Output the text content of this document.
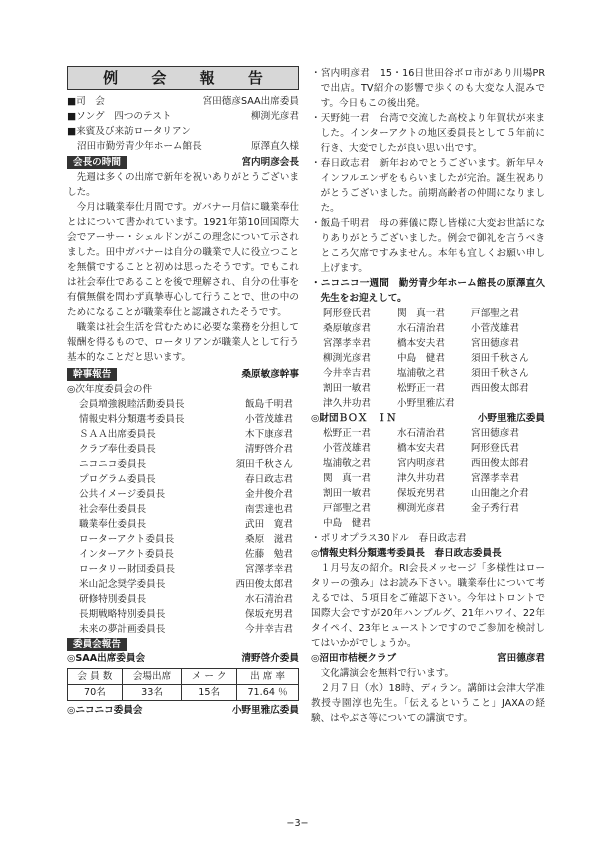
例 会 報 告
■司　会	宮田德彦SAA出席委員
■ソング　四つのテスト	柳渕光彦君
■来賓及び来訪ロータリアン
沼田市勤労青少年ホーム館長	原澤直久様
会長の時間	宮内明彦会長

先週は多くの出席で新年を祝いありがとうございました。

今月は職業奉仕月間です。ガバナー月信に職業奉仕とはについて書かれています。1921年第10回国際大会でアーサー・シェルドンがこの理念について示されました。田中ガバナーは自分の職業で人に役立つことを無償ですることと初めは思ったそうです。でもこれは社会奉仕であることを後で理解され、自分の仕事を有償無償を問わず真摯専心して行うことで、世の中のためになることが職業奉仕と認識されたそうです。

職業は社会生活を営むために必要な業務を分担して報酬を得るもので、ロータリアンが職業人として行う基本的なことだと思います。

幹事報告	桑原敏彦幹事
◎次年度委員会の件
会員増強親睦活動委員長	飯島千明君
情報史料分類選考委員長	小菅茂雄君
ＳＡＡ出席委員長	木下康彦君
クラブ奉仕委員長	清野啓介君
ニコニコ委員長	須田千秋さん
プログラム委員長	春日政志君
公共イメージ委員長	金井俊介君
社会奉仕委員長	南雲達也君
職業奉仕委員長	武田　寛君
ローターアクト委員長	桑原　滋君
インターアクト委員長	佐藤　勉君
ロータリー財団委員長	宮澤孝幸君
米山記念奨学委員長	西田俊太郎君
研修特別委員長	水石清治君
長期戦略特別委員長	保坂充男君
未来の夢計画委員長	今井幸吉君
委員会報告
◎SAA出席委員会	清野啓介委員
会 員 数	会場出席	メ ー ク	出 席 率
70名	33名	15名	71.64 ％
◎ニコニコ委員会	小野里雅広委員

・宮内明彦君　15・16日世田谷ボロ市があり川場PRで出店。TV紹介の影響で歩くのも大変な人混みです。今日もこの後出発。

・天野純一君　台湾で交流した高校より年賀状が来ました。インターアクトの地区委員長として５年前に行き、大変でしたが良い思い出です。

・春日政志君　新年おめでとうございます。新年早々インフルエンザをもらいましたが完治。誕生祝ありがとうございました。前期高齢者の仲間になりました。

・飯島千明君　母の葬儀に際し皆様に大変お世話になりありがとうございました。例会で御礼を言うべきところ欠席ですみません。本年も宜しくお願い申し上げます。

・ニコニコ一週間　勤労青少年ホーム館長の原澤直久先生をお迎えして。

阿形登氏君	関　真一君	戸部聖之君
桑原敏彦君	水石清治君	小菅茂雄君
宮澤孝幸君	橋本安夫君	宮田德彦君
柳渕光彦君	中島　健君	須田千秋さん
今井幸吉君	塩浦敬之君	須田千秋さん
割田一敏君	松野正一君	西田俊太郎君
津久井功君	小野里雅広君
◎財団ＢＯＸ　ＩＮ	小野里雅広委員
松野正一君	水石清治君	宮田德彦君
小菅茂雄君	橋本安夫君	阿形登氏君
塩浦敬之君	宮内明彦君	西田俊太郎君
関　真一君	津久井功君	宮澤孝幸君
割田一敏君	保坂充男君	山田龍之介君
戸部聖之君	柳渕光彦君	金子秀行君
中島　健君
・ポリオプラス30ドル　春日政志君
◎情報史料分類選考委員長　春日政志委員長

１月号友の紹介。RI会長メッセージ「多様性はロータリーの強み」はお読み下さい。職業奉仕について考えるでは、５項目をご確認下さい。今年はトロントで国際大会ですが20年ハンブルグ、21年ハワイ、22年タイペイ、23年ヒューストンですのでご参加を検討してはいかがでしょうか。

◎沼田市桔梗クラブ	宮田德彦君

文化講演会を無料で行います。

２月７日（水）18時、ディラン。講師は会津大学准教授寺園淳也先生。「伝えるということ」JAXAの経験、はやぶさ等についての講演です。

−3−
